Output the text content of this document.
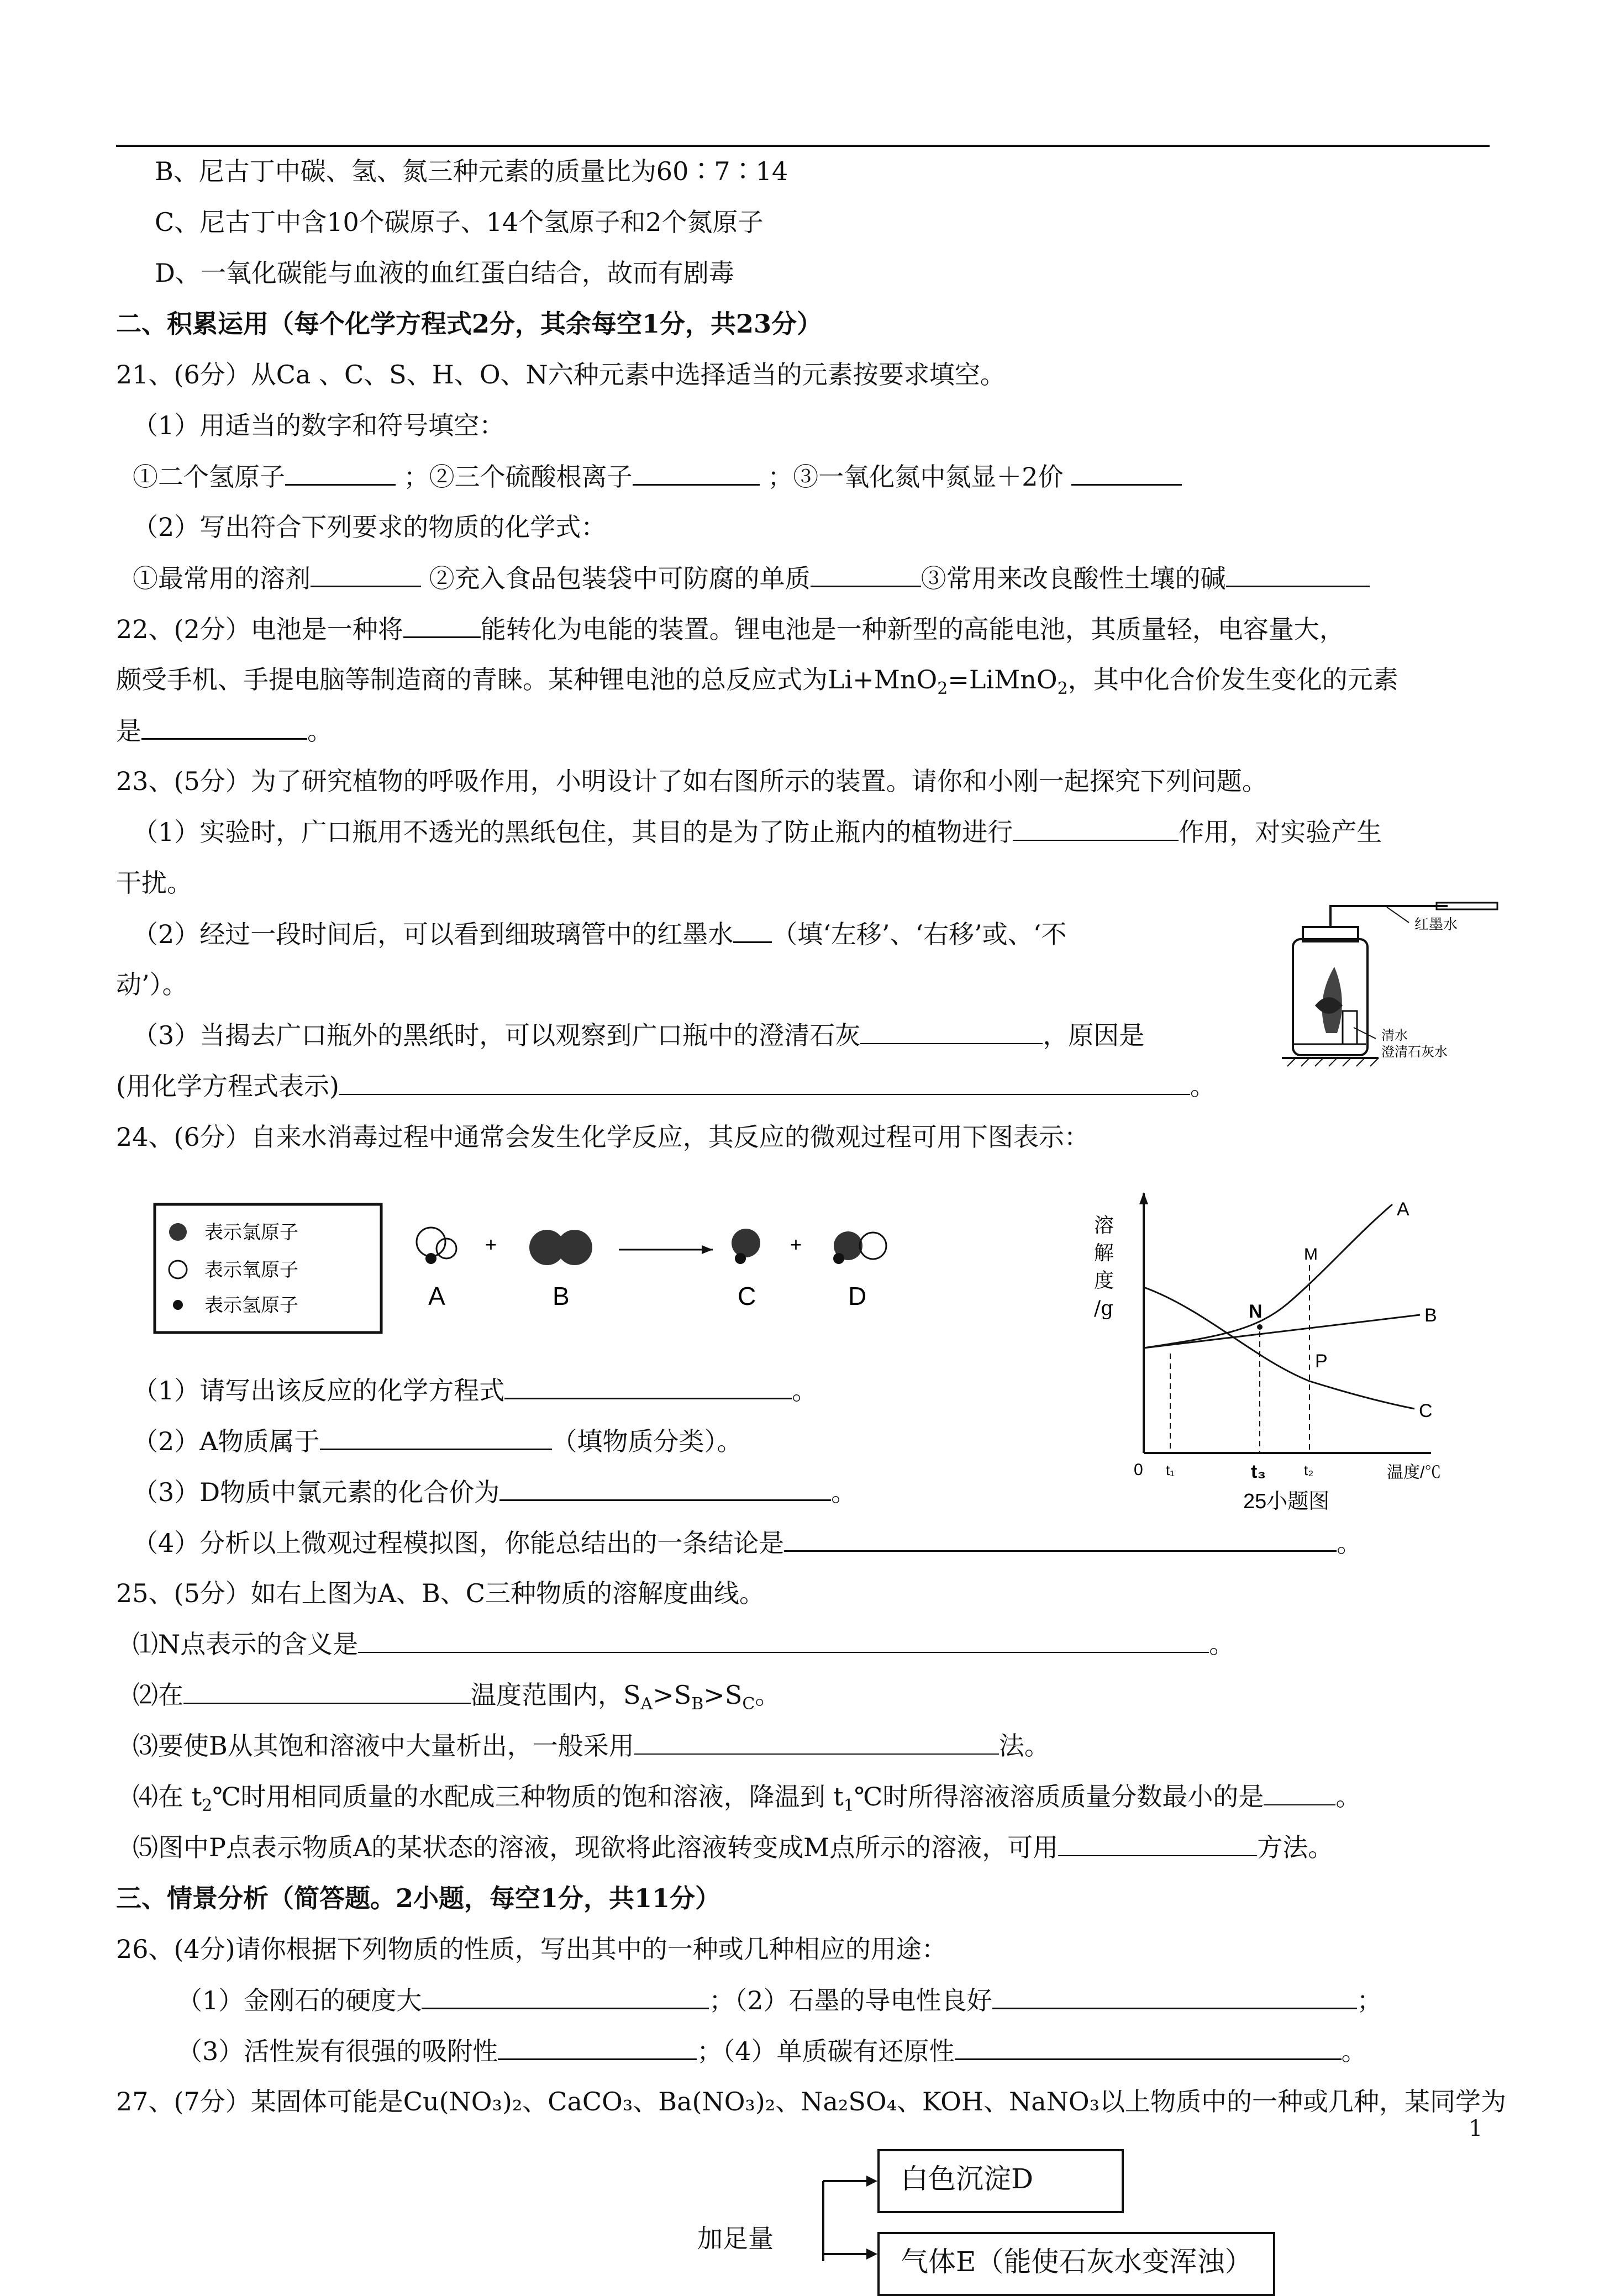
B、尼古丁中碳、氢、氮三种元素的质量比为60∶7∶14
C、尼古丁中含10个碳原子、14个氢原子和2个氮原子
D、一氧化碳能与血液的血红蛋白结合，故而有剧毒
二、积累运用（每个化学方程式2分，其余每空1分，共23分）
21、(6分）从Ca 、C、S、H、O、N六种元素中选择适当的元素按要求填空。
（1）用适当的数字和符号填空：
①二个氢原子	；②三个硫酸根离子	；③一氧化氮中氮显＋2价
（2）写出符合下列要求的物质的化学式：
①最常用的溶剂	②充入食品包装袋中可防腐的单质	③常用来改良酸性土壤的碱
22、(2分）电池是一种将	能转化为电能的装置。锂电池是一种新型的高能电池，其质量轻，电容量大，
颇受手机、手提电脑等制造商的青睐。某种锂电池的总反应式为Li+MnO$_2$=LiMnO$_2$，其中化合价发生变化的元素
是	。
23、(5分）为了研究植物的呼吸作用，小明设计了如右图所示的装置。请你和小刚一起探究下列问题。
（1）实验时，广口瓶用不透光的黑纸包住，其目的是为了防止瓶内的植物进行	作用，对实验产生
干扰。
（2）经过一段时间后，可以看到细玻璃管中的红墨水 （填‘左移’、‘右移’或、‘不
动’）。
（3）当揭去广口瓶外的黑纸时，可以观察到广口瓶中的澄清石灰	，原因是
(用化学方程式表示)	。
24、(6分）自来水消毒过程中通常会发生化学反应，其反应的微观过程可用下图表示：
（1）请写出该反应的化学方程式	。
（2）A物质属于	（填物质分类）。
（3）D物质中氯元素的化合价为	。
（4）分析以上微观过程模拟图，你能总结出的一条结论是	。
25、(5分）如右上图为A、B、C三种物质的溶解度曲线。
⑴N点表示的含义是	。
⑵在	温度范围内，$S_A>S_B>S_C$。
⑶要使B从其饱和溶液中大量析出，一般采用	法。
⑷在 $t_2℃$时用相同质量的水配成三种物质的饱和溶液，降温到 $t_1℃$时所得溶液溶质质量分数最小的是	。
⑸图中P点表示物质A的某状态的溶液，现欲将此溶液转变成M点所示的溶液，可用	方法。
三、情景分析（简答题。2小题，每空1分，共11分）
26、(4分)请你根据下列物质的性质，写出其中的一种或几种相应的用途：
（1）金刚石的硬度大	；（2）石墨的导电性良好	；
（3）活性炭有很强的吸附性	；（4）单质碳有还原性	。
27、(7分）某固体可能是Cu(NO₃)₂、CaCO₃、Ba(NO₃)₂、Na₂SO₄、KOH、NaNO₃以上物质中的一种或几种，某同学为
1
红墨水
清水
澄清石灰水
表示氯原子
表示氧原子
表示氢原子	A
+
B	C
+
D
溶
解
度
/g	N
M
P
A
B
C
0 t₁	t₃	t₂	温度/℃
25小题图
白色沉淀D
气体E（能使石灰水变浑浊）
加足量
